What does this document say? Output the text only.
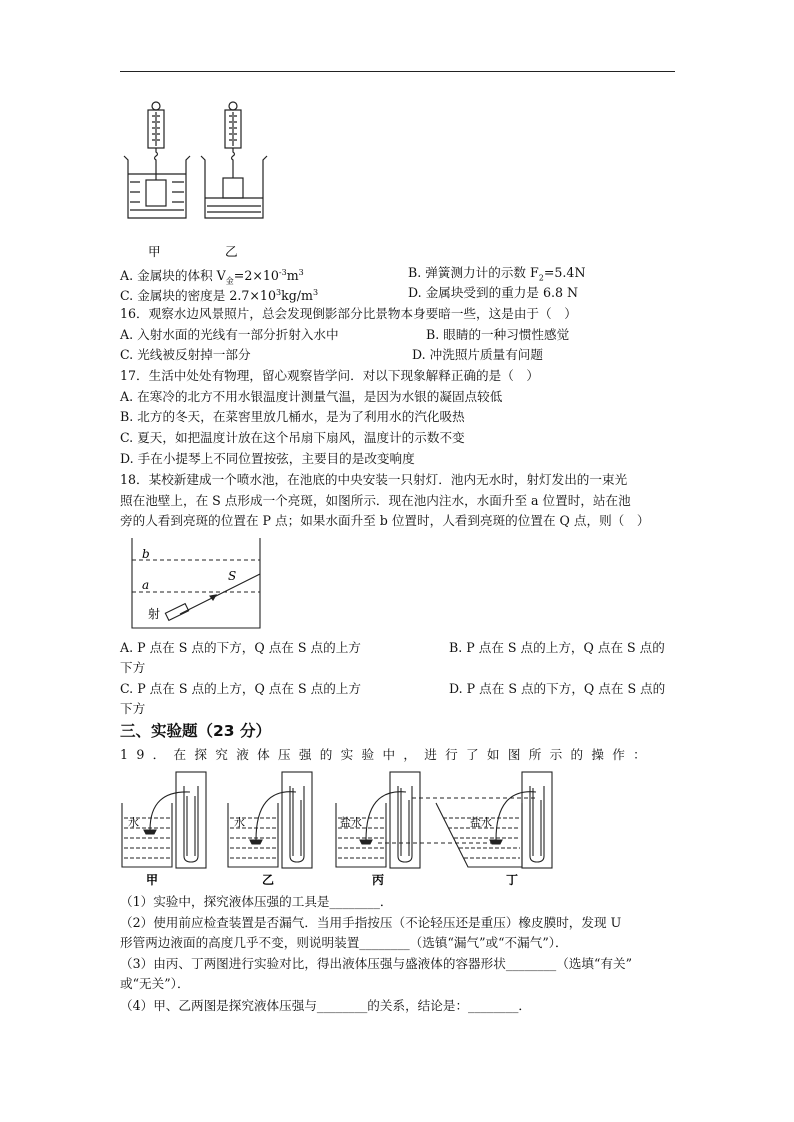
甲	乙
A. 金属块的体积 $V_金=2\times 10^{-3}m^3$	B. 弹簧测力计的示数 $F_2=5.4N$
C. 金属块的密度是 $2.7\times 10^3kg/m^3$	D. 金属块受到的重力是 6.8 N
16．观察水边风景照片，总会发现倒影部分比景物本身要暗一些，这是由于（　）
A. 入射水面的光线有一部分折射入水中	B. 眼睛的一种习惯性感觉
C. 光线被反射掉一部分	D. 冲洗照片质量有问题
17．生活中处处有物理，留心观察皆学问．对以下现象解释正确的是（　）
A. 在寒冷的北方不用水银温度计测量气温，是因为水银的凝固点较低
B. 北方的冬天，在菜窖里放几桶水，是为了利用水的汽化吸热
C. 夏天，如把温度计放在这个吊扇下扇风，温度计的示数不变
D. 手在小提琴上不同位置按弦，主要目的是改变响度
18．某校新建成一个喷水池，在池底的中央安装一只射灯．池内无水时，射灯发出的一束光
照在池壁上，在 S 点形成一个亮斑，如图所示．现在池内注水，水面升至 a 位置时，站在池
旁的人看到亮斑的位置在 P 点；如果水面升至 b 位置时，人看到亮斑的位置在 Q 点，则（　）
b
a
S
射
A. P 点在 S 点的下方，Q 点在 S 点的上方	B. P 点在 S 点的上方，Q 点在 S 点的
下方
C. P 点在 S 点的上方，Q 点在 S 点的上方	D. P 点在 S 点的下方，Q 点在 S 点的
下方
三、实验题（23 分）
19．在探究液体压强的实验中，进行了如图所示的操作：
水	水	盐水	盐水
甲	乙	丙	丁
（1）实验中，探究液体压强的工具是________．
（2）使用前应检查装置是否漏气．当用手指按压（不论轻压还是重压）橡皮膜时，发现 U
形管两边液面的高度几乎不变，则说明装置________（选镇“漏气”或“不漏气”）．
（3）由丙、丁两图进行实验对比，得出液体压强与盛液体的容器形状________（选填“有关”
或“无关”）．
（4）甲、乙两图是探究液体压强与________的关系，结论是：________．
